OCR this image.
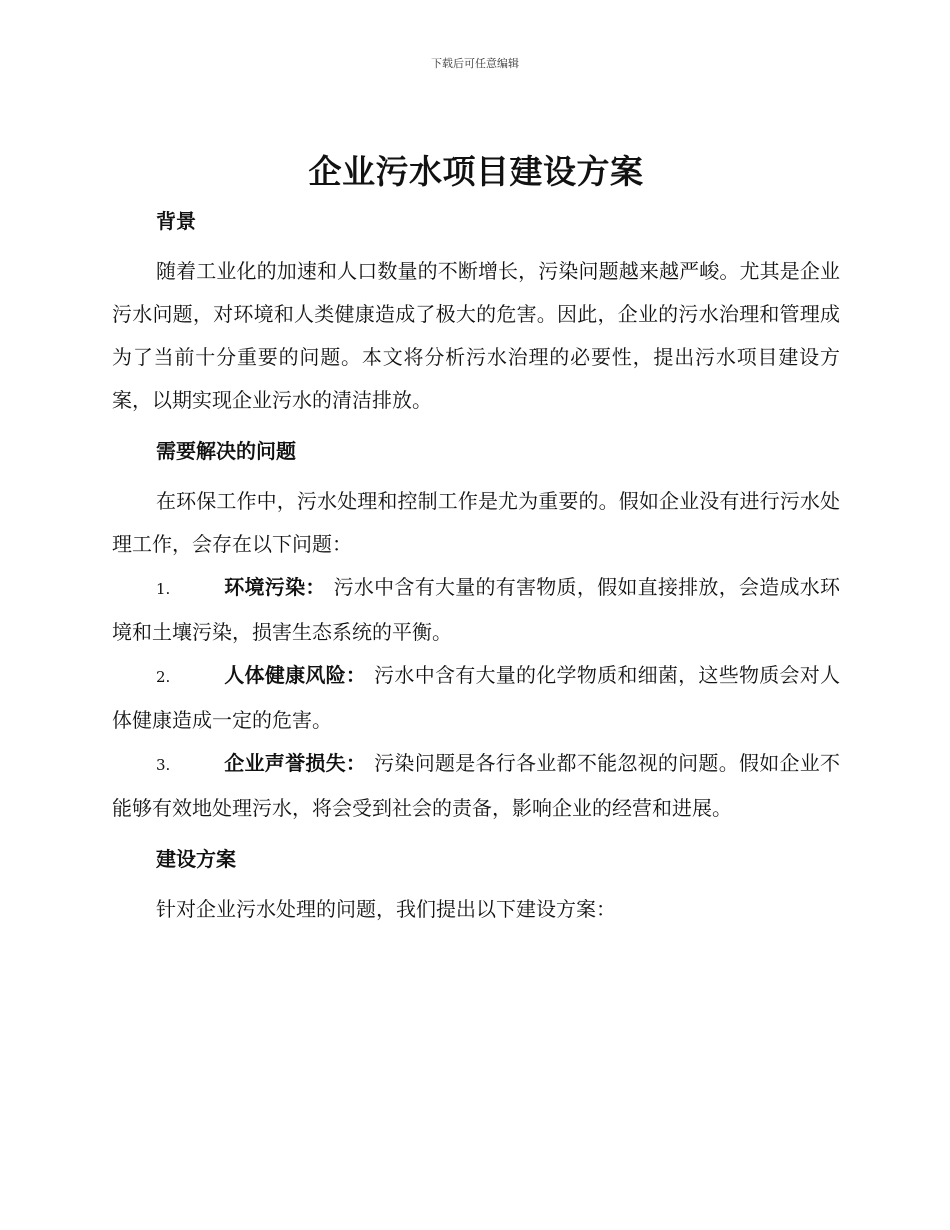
下载后可任意编辑
企业污水项目建设方案
背景

随着工业化的加速和人口数量的不断增长，污染问题越来越严峻。尤其是企业污水问题，对环境和人类健康造成了极大的危害。因此，企业的污水治理和管理成为了当前十分重要的问题。本文将分析污水治理的必要性，提出污水项目建设方案，以期实现企业污水的清洁排放。

需要解决的问题

在环保工作中，污水处理和控制工作是尤为重要的。假如企业没有进行污水处理工作，会存在以下问题：

1.	环境污染： 污水中含有大量的有害物质，假如直接排放，会造成水环境和土壤污染，损害生态系统的平衡。

2.	人体健康风险： 污水中含有大量的化学物质和细菌，这些物质会对人体健康造成一定的危害。

3.	企业声誉损失： 污染问题是各行各业都不能忽视的问题。假如企业不能够有效地处理污水，将会受到社会的责备，影响企业的经营和进展。

建设方案

针对企业污水处理的问题，我们提出以下建设方案：
